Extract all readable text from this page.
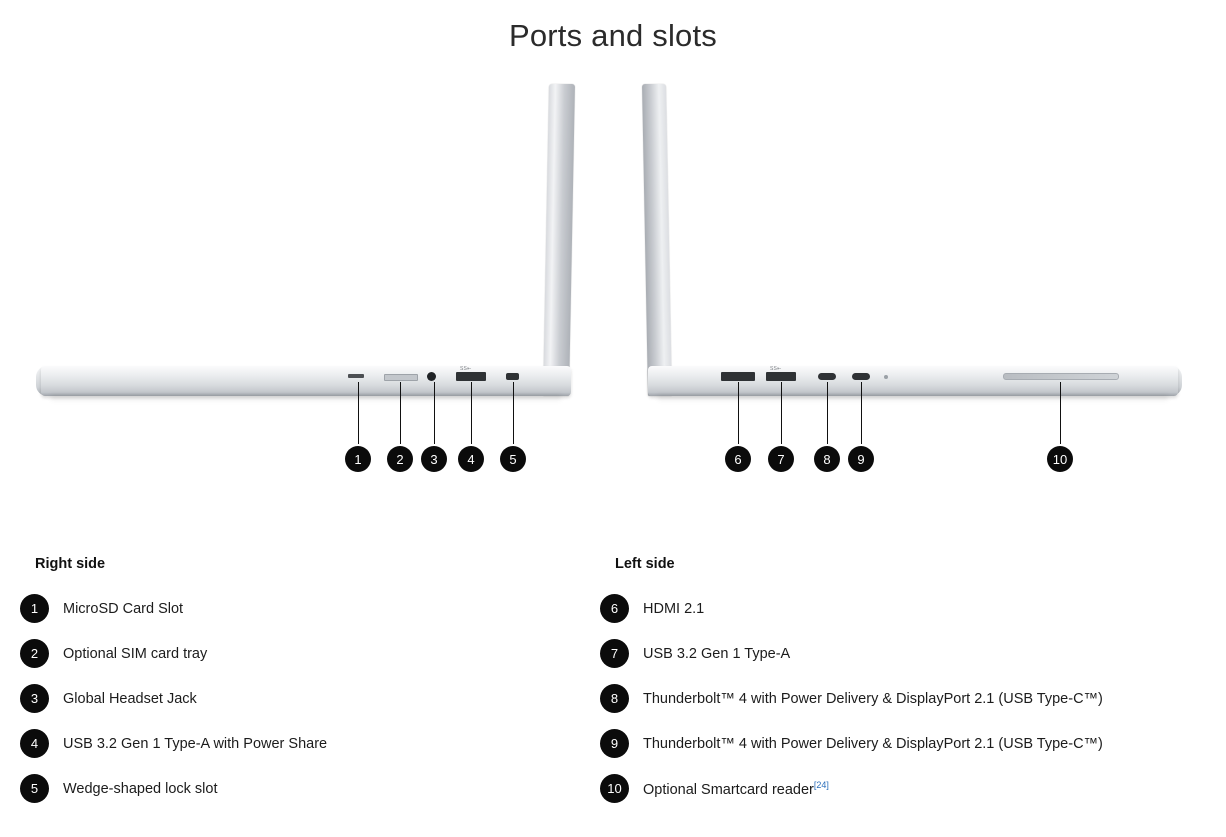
Ports and slots
SS⇤
1	2	3	4	5
SS⇤
6	7	8	9	10
Right side
1	MicroSD Card Slot
2	Optional SIM card tray
3	Global Headset Jack
4	USB 3.2 Gen 1 Type-A with Power Share
5	Wedge-shaped lock slot
Left side
6	HDMI 2.1
7	USB 3.2 Gen 1 Type-A
8	Thunderbolt™ 4 with Power Delivery & DisplayPort 2.1 (USB Type-C™)
9	Thunderbolt™ 4 with Power Delivery & DisplayPort 2.1 (USB Type-C™)
10	Optional Smartcard reader[24]
